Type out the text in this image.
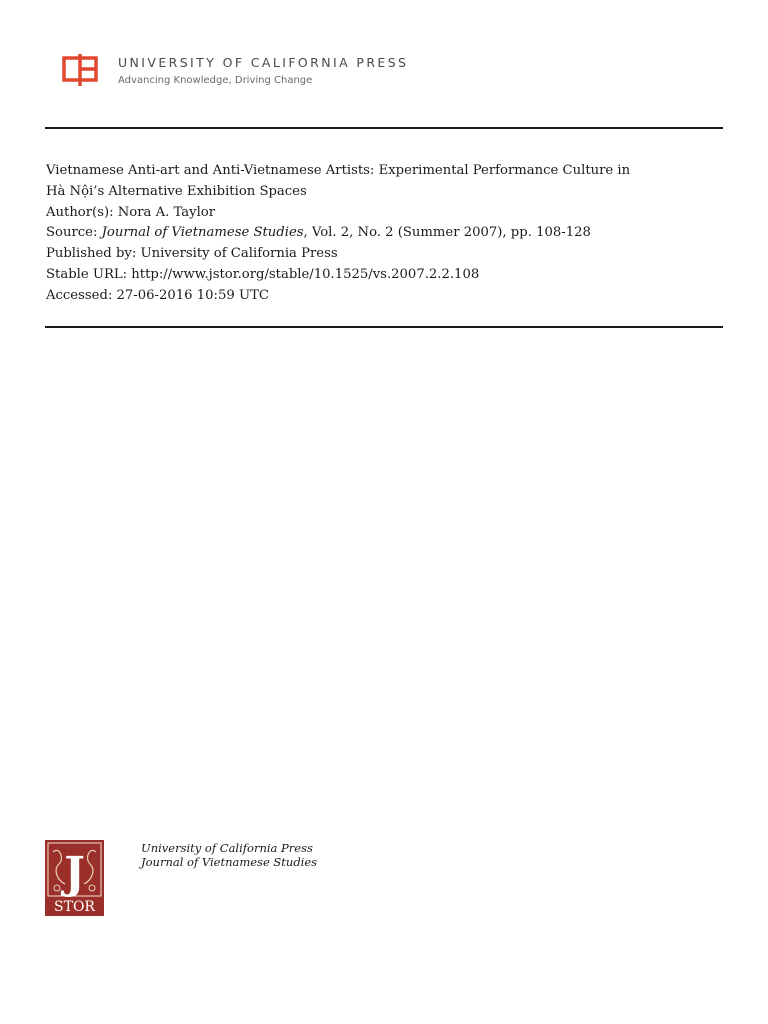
UNIVERSITY OF CALIFORNIA PRESS
Advancing Knowledge, Driving Change
Vietnamese Anti-art and Anti-Vietnamese Artists: Experimental Performance Culture in
Hà Nội’s Alternative Exhibition Spaces
Author(s): Nora A. Taylor
Source: Journal of Vietnamese Studies, Vol. 2, No. 2 (Summer 2007), pp. 108-128
Published by: University of California Press
Stable URL: http://www.jstor.org/stable/10.1525/vs.2007.2.2.108
Accessed: 27-06-2016 10:59 UTC
J
STOR
University of California Press
Journal of Vietnamese Studies
